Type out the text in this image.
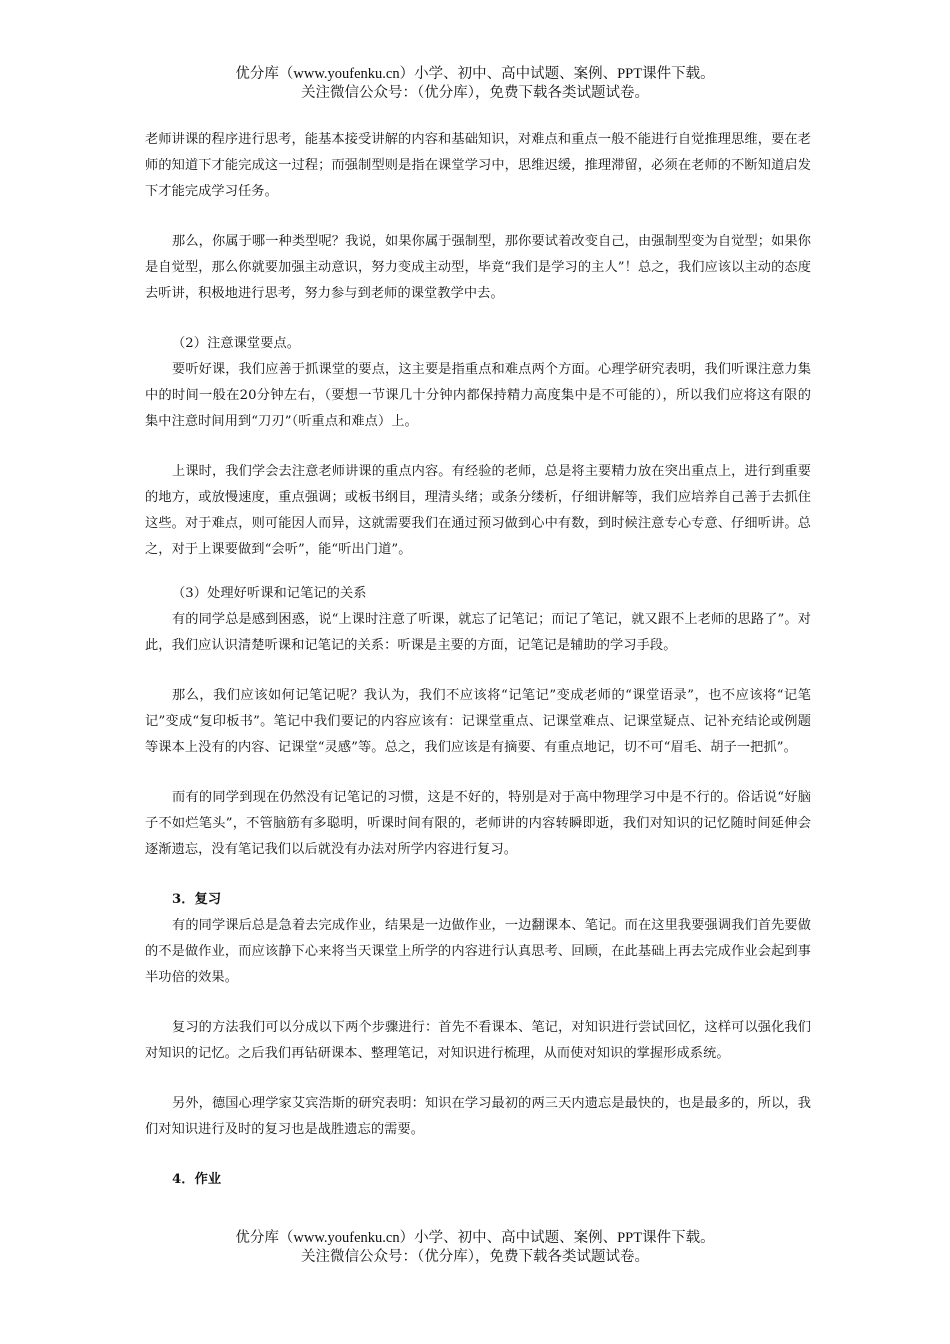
优分库（www.youfenku.cn）小学、初中、高中试题、案例、PPT课件下载。
关注微信公众号：（优分库），免费下载各类试题试卷。

老师讲课的程序进行思考，能基本接受讲解的内容和基础知识，对难点和重点一般不能进行自觉推理思维，要在老师的知道下才能完成这一过程；而强制型则是指在课堂学习中，思维迟缓，推理滞留，必须在老师的不断知道启发下才能完成学习任务。

那么，你属于哪一种类型呢？我说，如果你属于强制型，那你要试着改变自己，由强制型变为自觉型；如果你是自觉型，那么你就要加强主动意识，努力变成主动型，毕竟“我们是学习的主人”！总之，我们应该以主动的态度去听讲，积极地进行思考，努力参与到老师的课堂教学中去。

（2）注意课堂要点。

要听好课，我们应善于抓课堂的要点，这主要是指重点和难点两个方面。心理学研究表明，我们听课注意力集中的时间一般在20分钟左右，（要想一节课几十分钟内都保持精力高度集中是不可能的），所以我们应将这有限的集中注意时间用到“刀刃”（听重点和难点）上。

上课时，我们学会去注意老师讲课的重点内容。有经验的老师，总是将主要精力放在突出重点上，进行到重要的地方，或放慢速度，重点强调；或板书纲目，理清头绪；或条分缕析，仔细讲解等，我们应培养自己善于去抓住这些。对于难点，则可能因人而异，这就需要我们在通过预习做到心中有数，到时候注意专心专意、仔细听讲。总之，对于上课要做到“会听”，能“听出门道”。

（3）处理好听课和记笔记的关系

有的同学总是感到困惑，说“上课时注意了听课，就忘了记笔记；而记了笔记，就又跟不上老师的思路了”。对此，我们应认识清楚听课和记笔记的关系：听课是主要的方面，记笔记是辅助的学习手段。

那么，我们应该如何记笔记呢？我认为，我们不应该将“记笔记”变成老师的“课堂语录”，也不应该将“记笔记”变成“复印板书”。笔记中我们要记的内容应该有：记课堂重点、记课堂难点、记课堂疑点、记补充结论或例题等课本上没有的内容、记课堂“灵感”等。总之，我们应该是有摘要、有重点地记，切不可“眉毛、胡子一把抓”。

而有的同学到现在仍然没有记笔记的习惯，这是不好的，特别是对于高中物理学习中是不行的。俗话说“好脑子不如烂笔头”，不管脑筋有多聪明，听课时间有限的，老师讲的内容转瞬即逝，我们对知识的记忆随时间延伸会逐渐遗忘，没有笔记我们以后就没有办法对所学内容进行复习。

3．复习

有的同学课后总是急着去完成作业，结果是一边做作业，一边翻课本、笔记。而在这里我要强调我们首先要做的不是做作业，而应该静下心来将当天课堂上所学的内容进行认真思考、回顾，在此基础上再去完成作业会起到事半功倍的效果。

复习的方法我们可以分成以下两个步骤进行：首先不看课本、笔记，对知识进行尝试回忆，这样可以强化我们对知识的记忆。之后我们再钻研课本、整理笔记，对知识进行梳理，从而使对知识的掌握形成系统。

另外，德国心理学家艾宾浩斯的研究表明：知识在学习最初的两三天内遗忘是最快的，也是最多的，所以，我们对知识进行及时的复习也是战胜遗忘的需要。

4．作业

优分库（www.youfenku.cn）小学、初中、高中试题、案例、PPT课件下载。
关注微信公众号：（优分库），免费下载各类试题试卷。
